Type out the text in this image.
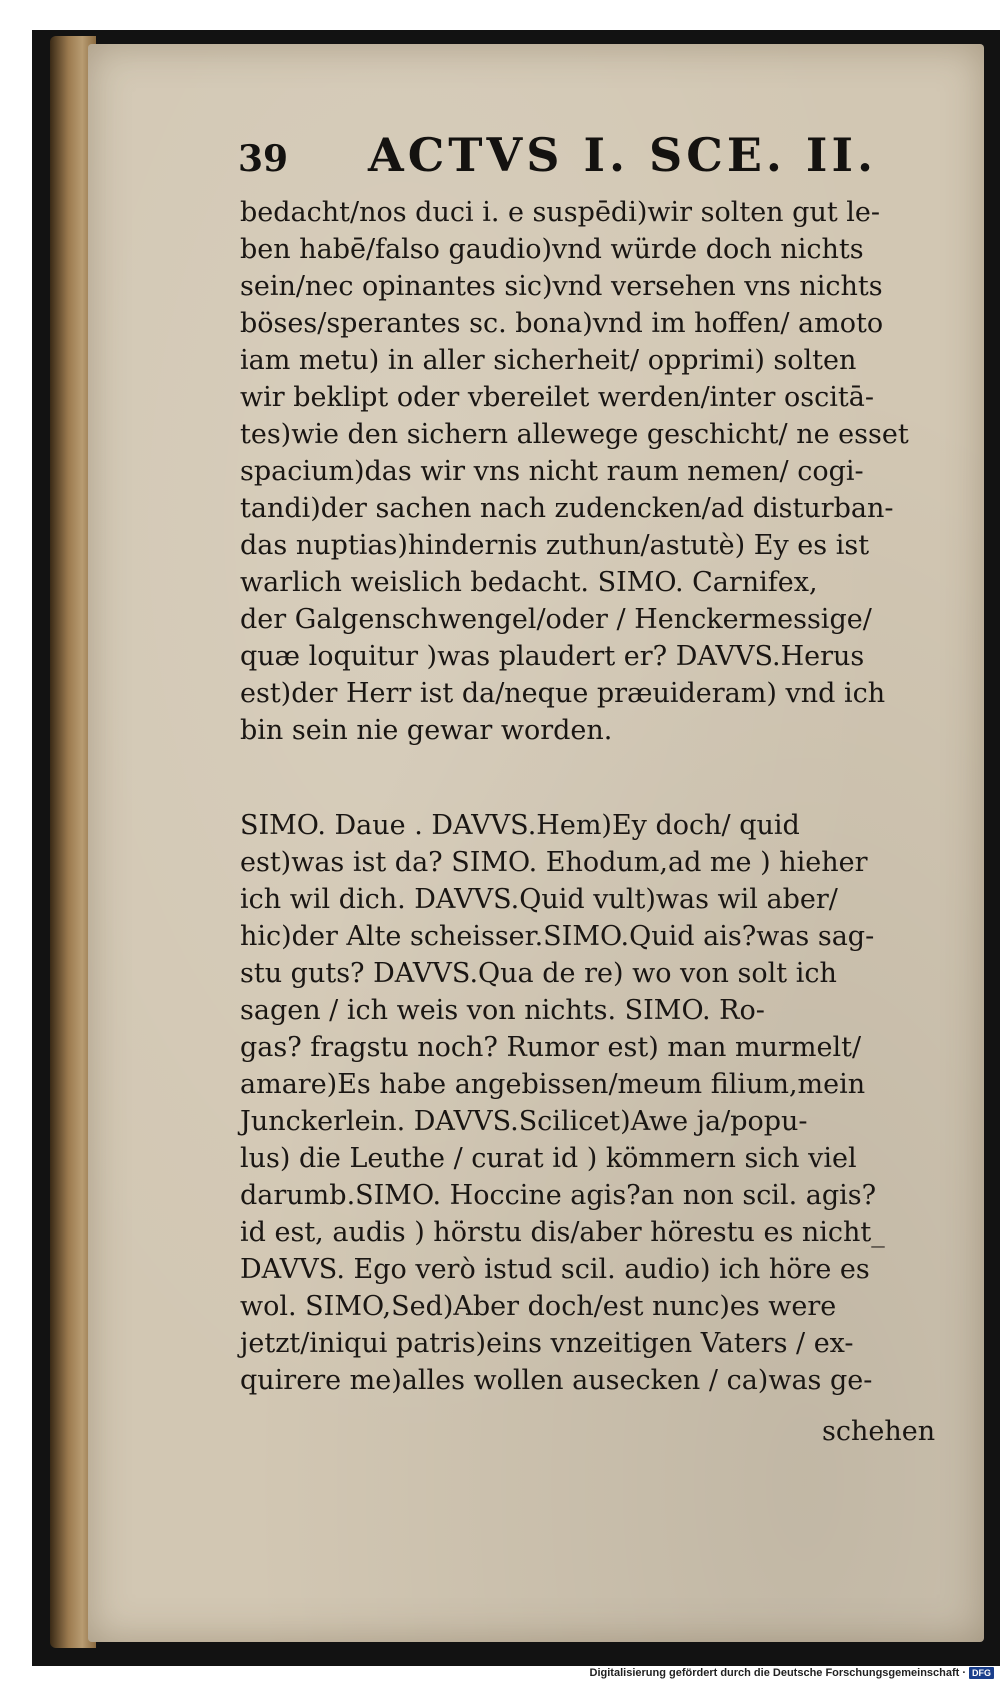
39 ACTVS I. SCE. II.
bedacht/nos duci i. e suspēdi)wir solten gut le-
ben habē/falso gaudio)vnd würde doch nichts
sein/nec opinantes sic)vnd versehen vns nichts
böses/sperantes sc. bona)vnd im hoffen/ amoto
iam metu) in aller sicherheit/ opprimi) solten
wir beklipt oder vbereilet werden/inter oscitā-
tes)wie den sichern allewege geschicht/ ne esset
spacium)das wir vns nicht raum nemen/ cogi-
tandi)der sachen nach zudencken/ad disturban-
das nuptias)hindernis zuthun/astutè) Ey es ist
warlich weislich bedacht. SIMO. Carnifex,
der Galgenschwengel/oder / Henckermessige/
quæ loquitur )was plaudert er? DAVVS.Herus
est)der Herr ist da/neque præuideram) vnd ich
bin sein nie gewar worden.
SIMO. Daue . DAVVS.Hem)Ey doch/ quid
est)was ist da? SIMO. Ehodum,ad me ) hieher
ich wil dich. DAVVS.Quid vult)was wil aber/
hic)der Alte scheisser.SIMO.Quid ais?was sag-
stu guts? DAVVS.Qua de re) wo von solt ich
sagen / ich weis von nichts. SIMO. Ro-
gas? fragstu noch? Rumor est) man murmelt/
amare)Es habe angebissen/meum filium,mein
Junckerlein. DAVVS.Scilicet)Awe ja/popu-
lus) die Leuthe / curat id ) kömmern sich viel
darumb.SIMO. Hoccine agis?an non scil. agis?
id est, audis ) hörstu dis/aber hörestu es nicht_
DAVVS. Ego verò istud scil. audio) ich höre es
wol. SIMO,Sed)Aber doch/est nunc)es were
jetzt/iniqui patris)eins vnzeitigen Vaters / ex-
quirere me)alles wollen ausecken / ca)was ge-
schehen
Digitalisierung gefördert durch die Deutsche Forschungsgemeinschaft · DFG
